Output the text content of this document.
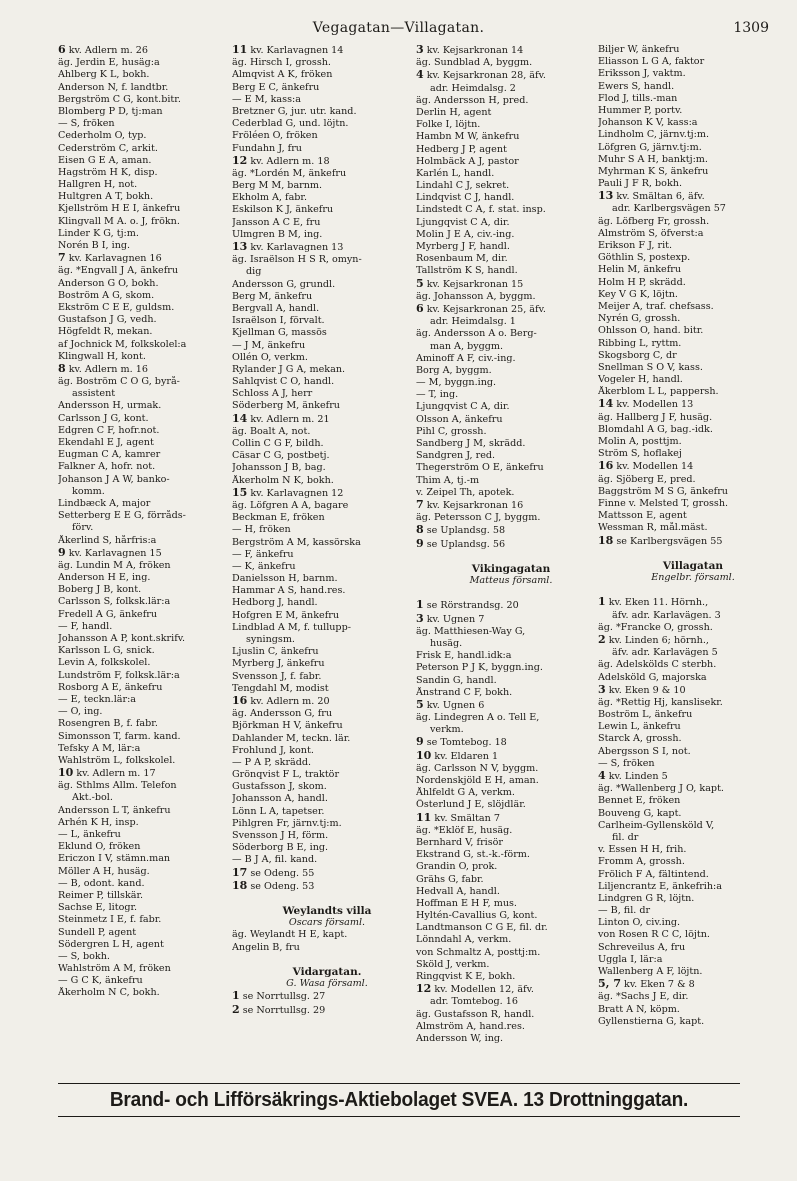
Vegagatan—Villagatan.	1309
6 kv. Adlern m. 26
äg. Jerdin E, husäg:a
Ahlberg K L, bokh.
Anderson N, f. landtbr.
Bergström C G, kont.bitr.
Blomberg P D, tj:man
— S, fröken
Cederholm O, typ.
Cederström C, arkit.
Eisen G E A, aman.
Hagström H K, disp.
Hallgren H, not.
Hultgren A T, bokh.
Kjellström H E I, änkefru
Klingvall M A. o. J, frökn.
Linder K G, tj:m.
Norén B I, ing.
7 kv. Karlavagnen 16
äg. *Engvall J A, änkefru
Anderson G O, bokh.
Boström A G, skom.
Ekström C E E, guldsm.
Gustafson J G, vedh.
Högfeldt R, mekan.
af Jochnick M, folkskolel:a
Klingwall H, kont.
8 kv. Adlern m. 16
äg. Boström C O G, byrå-
assistent
Andersson H, urmak.
Carlsson J G, kont.
Edgren C F, hofr.not.
Ekendahl E J, agent
Eugman C A, kamrer
Falkner A, hofr. not.
Johanson J A W, banko-
komm.
Lindbæck A, major
Setterberg E E G, förråds-
förv.
Åkerlind S, hårfris:a
9 kv. Karlavagnen 15
äg. Lundin M A, fröken
Anderson H E, ing.
Boberg J B, kont.
Carlsson S, folksk.lär:a
Fredell A G, änkefru
— F, handl.
Johansson A P, kont.skrifv.
Karlsson L G, snick.
Levin A, folkskolel.
Lundström F, folksk.lär:a
Rosborg A E, änkefru
— E, teckn.lär:a
— O, ing.
Rosengren B, f. fabr.
Simonsson T, farm. kand.
Tefsky A M, lär:a
Wahlström L, folkskolel.
10 kv. Adlern m. 17
äg. Sthlms Allm. Telefon
Akt.-bol.
Andersson L T, änkefru
Arhén K H, insp.
— L, änkefru
Eklund O, fröken
Ericzon I V, stämn.man
Möller A H, husäg.
— B, odont. kand.
Reimer P, tillskär.
Sachse E, litogr.
Steinmetz I E, f. fabr.
Sundell P, agent
Södergren L H, agent
— S, bokh.
Wahlström A M, fröken
— G C K, änkefru
Åkerholm N C, bokh.
11 kv. Karlavagnen 14
äg. Hirsch I, grossh.
Almqvist A K, fröken
Berg E C, änkefru
— E M, kass:a
Bretzner G, jur. utr. kand.
Cederblad G, und. löjtn.
Fröléen O, fröken
Fundahn J, fru
12 kv. Adlern m. 18
äg. *Lordén M, änkefru
Berg M M, barnm.
Ekholm A, fabr.
Eskilson K J, änkefru
Jansson A C E, fru
Ulmgren B M, ing.
13 kv. Karlavagnen 13
äg. Israëlson H S R, omyn-
dig
Andersson G, grundl.
Berg M, änkefru
Bergvall A, handl.
Israëlson I, förvalt.
Kjellman G, massös
— J M, änkefru
Ollén O, verkm.
Rylander J G A, mekan.
Sahlqvist C O, handl.
Schloss A J, herr
Söderberg M, änkefru
14 kv. Adlern m. 21
äg. Boalt A, not.
Collin C G F, bildh.
Cäsar C G, postbetj.
Johansson J B, bag.
Åkerholm N K, bokh.
15 kv. Karlavagnen 12
äg. Löfgren A A, bagare
Beckman E, fröken
— H, fröken
Bergström A M, kassörska
— F, änkefru
— K, änkefru
Danielsson H, barnm.
Hammar A S, hand.res.
Hedborg J, handl.
Hofgren E M, änkefru
Lindblad A M, f. tullupp-
syningsm.
Ljuslin C, änkefru
Myrberg J, änkefru
Svensson J, f. fabr.
Tengdahl M, modist
16 kv. Adlern m. 20
äg. Andersson G, fru
Björkman H V, änkefru
Dahlander M, teckn. lär.
Frohlund J, kont.
— P A P, skrädd.
Grönqvist F L, traktör
Gustafsson J, skom.
Johansson A, handl.
Lönn L A, tapetser.
Pihlgren Fr, järnv.tj:m.
Svensson J H, förm.
Söderborg B E, ing.
— B J A, fil. kand.
17 se Odeng. 55
18 se Odeng. 53
Weylandts villa
Oscars församl.
äg. Weylandt H E, kapt.
Angelin B, fru
Vidargatan.
G. Wasa församl.
1 se Norrtullsg. 27
2 se Norrtullsg. 29
3 kv. Kejsarkronan 14
äg. Sundblad A, byggm.
4 kv. Kejsarkronan 28, äfv.
adr. Heimdalsg. 2
äg. Andersson H, pred.
Derlin H, agent
Folke I, löjtn.
Hambn M W, änkefru
Hedberg J P, agent
Holmbäck A J, pastor
Karlén L, handl.
Lindahl C J, sekret.
Lindqvist C J, handl.
Lindstedt C A, f. stat. insp.
Ljungqvist C A, dir.
Molin J E A, civ.-ing.
Myrberg J F, handl.
Rosenbaum M, dir.
Tallström K S, handl.
5 kv. Kejsarkronan 15
äg. Johansson A, byggm.
6 kv. Kejsarkronan 25, äfv.
adr. Heimdalsg. 1
äg. Andersson A o. Berg-
man A, byggm.
Aminoff A F, civ.-ing.
Borg A, byggm.
— M, byggn.ing.
— T, ing.
Ljungqvist C A, dir.
Olsson A, änkefru
Pihl C, grossh.
Sandberg J M, skrädd.
Sandgren J, red.
Thegerström O E, änkefru
Thim A, tj.-m
v. Zeipel Th, apotek.
7 kv. Kejsarkronan 16
äg. Petersson C J, byggm.
8 se Uplandsg. 58
9 se Uplandsg. 56
Vikingagatan
Matteus församl.
1 se Rörstrandsg. 20
3 kv. Ugnen 7
äg. Matthiesen-Way G,
husäg.
Frisk E, handl.idk:a
Peterson P J K, byggn.ing.
Sandin G, handl.
Ånstrand C F, bokh.
5 kv. Ugnen 6
äg. Lindegren A o. Tell E,
verkm.
9 se Tomtebog. 18
10 kv. Eldaren 1
äg. Carlsson N V, byggm.
Nordenskjöld E H, aman.
Åhlfeldt G A, verkm.
Österlund J E, slöjdlär.
11 kv. Smältan 7
äg. *Eklöf E, husäg.
Bernhard V, frisör
Ekstrand G, st.-k.-förm.
Grandin O, prok.
Grähs G, fabr.
Hedvall A, handl.
Hoffman E H F, mus.
Hyltén-Cavallius G, kont.
Landtmanson C G E, fil. dr.
Lönndahl A, verkm.
von Schmaltz A, posttj:m.
Sköld J, verkm.
Ringqvist K E, bokh.
12 kv. Modellen 12, äfv.
adr. Tomtebog. 16
äg. Gustafsson R, handl.
Almström A, hand.res.
Andersson W, ing.
Biljer W, änkefru
Eliasson L G A, faktor
Eriksson J, vaktm.
Ewers S, handl.
Flod J, tills.-man
Hummer P, portv.
Johanson K V, kass:a
Lindholm C, järnv.tj:m.
Löfgren G, järnv.tj:m.
Muhr S A H, banktj:m.
Myhrman K S, änkefru
Pauli J F R, bokh.
13 kv. Smältan 6, äfv.
adr. Karlbergsvägen 57
äg. Löfberg Fr, grossh.
Almström S, öfverst:a
Erikson F J, rit.
Göthlin S, postexp.
Helin M, änkefru
Holm H P, skrädd.
Key V G K, löjtn.
Meijer A, traf. chefsass.
Nyrén G, grossh.
Ohlsson O, hand. bitr.
Ribbing L, ryttm.
Skogsborg C, dr
Snellman S O V, kass.
Vogeler H, handl.
Åkerblom L L, pappersh.
14 kv. Modellen 13
äg. Hallberg J F, husäg.
Blomdahl A G, bag.-idk.
Molin A, posttjm.
Ström S, hoflakej
16 kv. Modellen 14
äg. Sjöberg E, pred.
Baggström M S G, änkefru
Finne v. Melsted T, grossh.
Mattsson E, agent
Wessman R, mål.mäst.
18 se Karlbergsvägen 55
Villagatan
Engelbr. församl.
1 kv. Eken 11. Hörnh.,
äfv. adr. Karlavägen. 3
äg. *Francke O, grossh.
2 kv. Linden 6; hörnh.,
äfv. adr. Karlavägen 5
äg. Adelskölds C sterbh.
Adelsköld G, majorska
3 kv. Eken 9 & 10
äg. *Rettig Hj, kanslisekr.
Boström L, änkefru
Lewin L, änkefru
Starck A, grossh.
Abergsson S I, not.
— S, fröken
4 kv. Linden 5
äg. *Wallenberg J O, kapt.
Bennet E, fröken
Bouveng G, kapt.
Carlheim-Gyllensköld V,
fil. dr
v. Essen H H, frih.
Fromm A, grossh.
Frölich F A, fältintend.
Liljencrantz E, änkefrih:a
Lindgren G R, löjtn.
— B, fil. dr
Linton O, civ.ing.
von Rosen R C C, löjtn.
Schreveilus A, fru
Uggla I, lär:a
Wallenberg A F, löjtn.
5, 7 kv. Eken 7 & 8
äg. *Sachs J E, dir.
Bratt A N, köpm.
Gyllenstierna G, kapt.
Brand- och Lifförsäkrings-Aktiebolaget SVEA. 13 Drottninggatan.
